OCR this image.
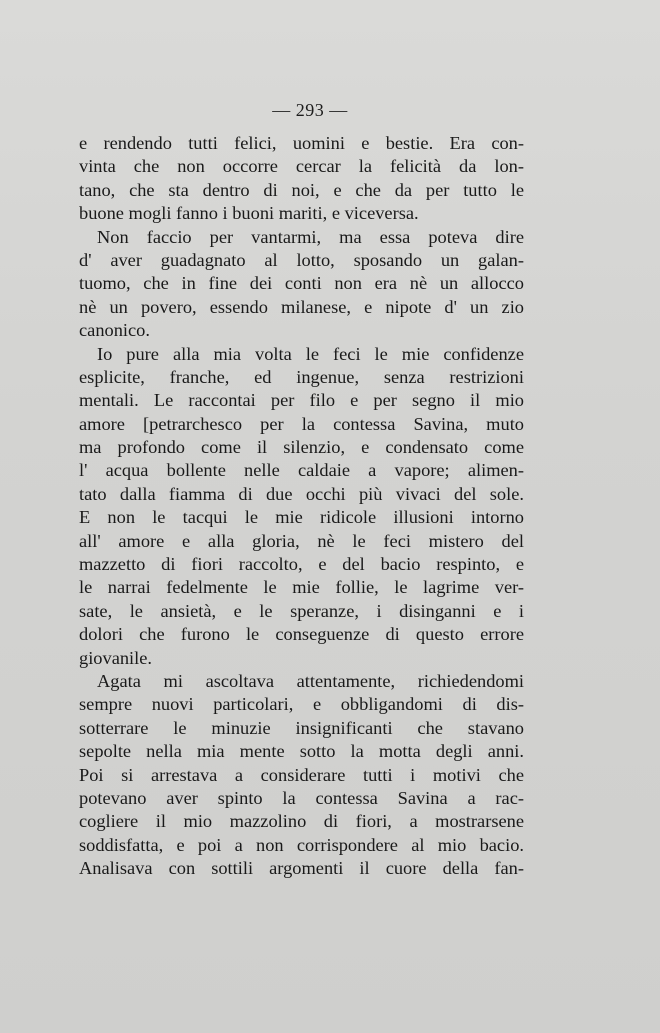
— 293 —
e rendendo tutti felici, uomini e bestie. Era con-
vinta che non occorre cercar la felicità da lon-
tano, che sta dentro di noi, e che da per tutto le
buone mogli fanno i buoni mariti, e viceversa.
Non faccio per vantarmi, ma essa poteva dire
d' aver guadagnato al lotto, sposando un galan-
tuomo, che in fine dei conti non era nè un allocco
nè un povero, essendo milanese, e nipote d' un zio
canonico.
Io pure alla mia volta le feci le mie confidenze
esplicite, franche, ed ingenue, senza restrizioni
mentali. Le raccontai per filo e per segno il mio
amore [petrarchesco per la contessa Savina, muto
ma profondo come il silenzio, e condensato come
l' acqua bollente nelle caldaie a vapore; alimen-
tato dalla fiamma di due occhi più vivaci del sole.
E non le tacqui le mie ridicole illusioni intorno
all' amore e alla gloria, nè le feci mistero del
mazzetto di fiori raccolto, e del bacio respinto, e
le narrai fedelmente le mie follie, le lagrime ver-
sate, le ansietà, e le speranze, i disinganni e i
dolori che furono le conseguenze di questo errore
giovanile.
Agata mi ascoltava attentamente, richiedendomi
sempre nuovi particolari, e obbligandomi di dis-
sotterrare le minuzie insignificanti che stavano
sepolte nella mia mente sotto la motta degli anni.
Poi si arrestava a considerare tutti i motivi che
potevano aver spinto la contessa Savina a rac-
cogliere il mio mazzolino di fiori, a mostrarsene
soddisfatta, e poi a non corrispondere al mio bacio.
Analisava con sottili argomenti il cuore della fan-
